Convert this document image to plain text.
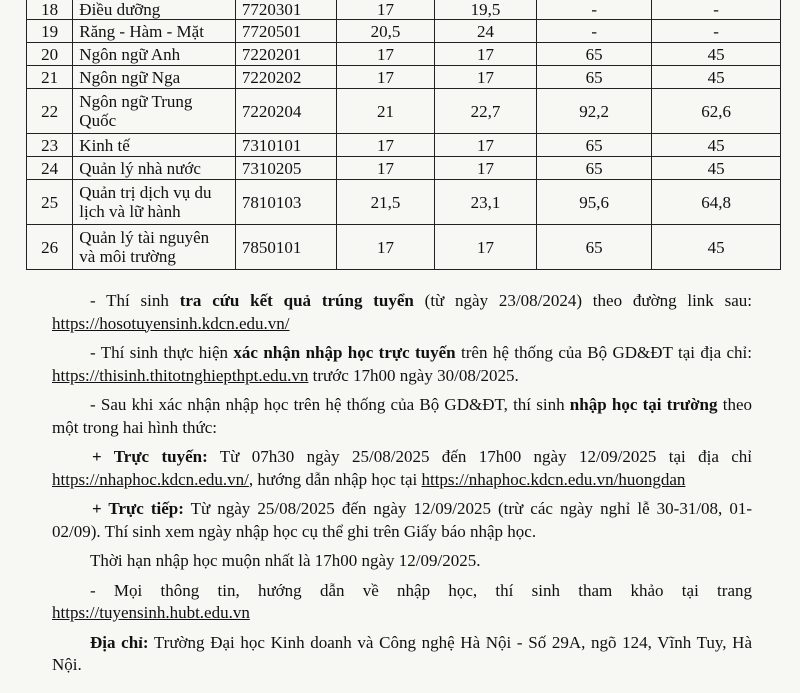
18	Điều dưỡng	7720301	17	19,5	-	-
19	Răng - Hàm - Mặt	7720501	20,5	24	-	-
20	Ngôn ngữ Anh	7220201	17	17	65	45
21	Ngôn ngữ Nga	7220202	17	17	65	45
22	Ngôn ngữ Trung Quốc	7220204	21	22,7	92,2	62,6
23	Kinh tế	7310101	17	17	65	45
24	Quản lý nhà nước	7310205	17	17	65	45
25	Quản trị dịch vụ du lịch và lữ hành	7810103	21,5	23,1	95,6	64,8
26	Quản lý tài nguyên và môi trường	7850101	17	17	65	45

- Thí sinh tra cứu kết quả trúng tuyển (từ ngày 23/08/2024) theo đường link sau: https://hosotuyensinh.kdcn.edu.vn/

- Thí sinh thực hiện xác nhận nhập học trực tuyến trên hệ thống của Bộ GD&ĐT tại địa chỉ: https://thisinh.thitotnghiepthpt.edu.vn trước 17h00 ngày 30/08/2025.

- Sau khi xác nhận nhập học trên hệ thống của Bộ GD&ĐT, thí sinh nhập học tại trường theo một trong hai hình thức:

+ Trực tuyến: Từ 07h30 ngày 25/08/2025 đến 17h00 ngày 12/09/2025 tại địa chỉ https://nhaphoc.kdcn.edu.vn/, hướng dẫn nhập học tại https://nhaphoc.kdcn.edu.vn/huongdan

+ Trực tiếp: Từ ngày 25/08/2025 đến ngày 12/09/2025 (trừ các ngày nghỉ lễ 30-31/08, 01-02/09). Thí sinh xem ngày nhập học cụ thể ghi trên Giấy báo nhập học.

Thời hạn nhập học muộn nhất là 17h00 ngày 12/09/2025.

- Mọi thông tin, hướng dẫn về nhập học, thí sinh tham khảo tại trang https://tuyensinh.hubt.edu.vn

Địa chỉ: Trường Đại học Kinh doanh và Công nghệ Hà Nội - Số 29A, ngõ 124, Vĩnh Tuy, Hà Nội.
